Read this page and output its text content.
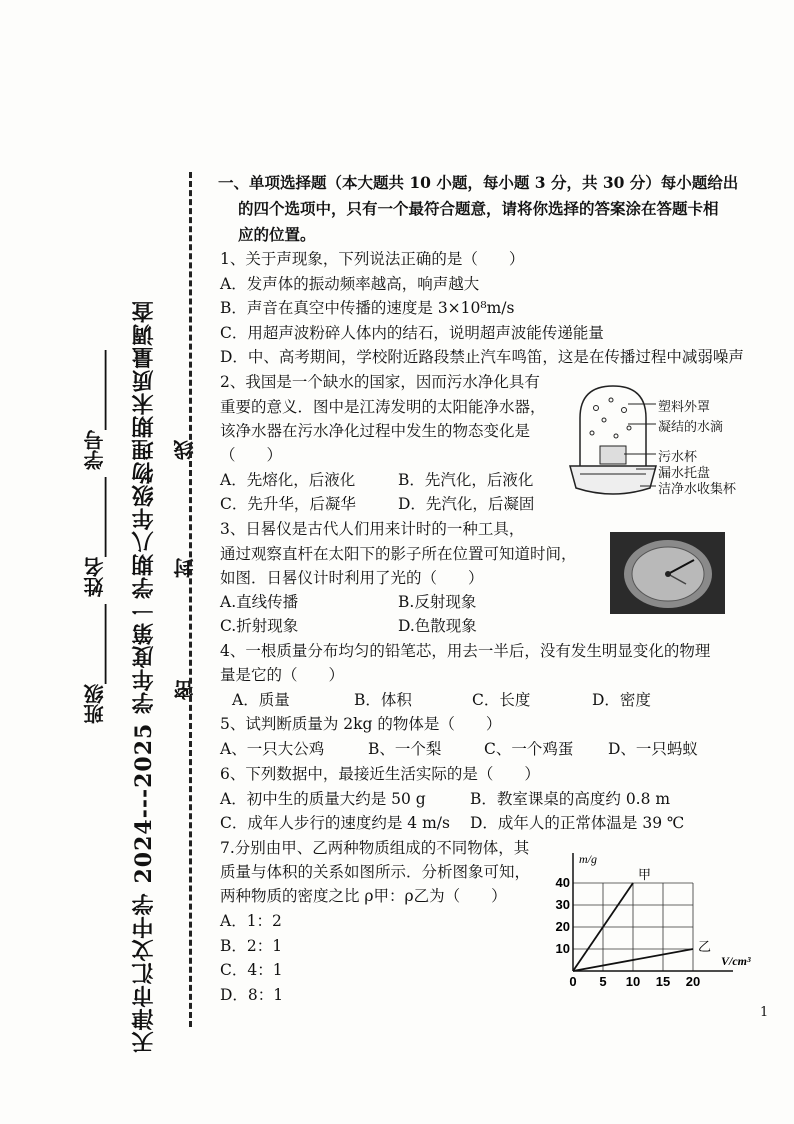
天津市汇文中学 2024---2025 学年度第一学期八年级物理期末质量调查
班级________ 姓名________ 学号________	密
封
线
一、单项选择题（本大题共 10 小题，每小题 3 分，共 30 分）每小题给出
的四个选项中，只有一个最符合题意，请将你选择的答案涂在答题卡相
应的位置。
1、关于声现象，下列说法正确的是（　　）
A．发声体的振动频率越高，响声越大
B．声音在真空中传播的速度是 3×10⁸m/s
C．用超声波粉碎人体内的结石，说明超声波能传递能量
D．中、高考期间，学校附近路段禁止汽车鸣笛，这是在传播过程中减弱噪声
2、我国是一个缺水的国家，因而污水净化具有
重要的意义．图中是江涛发明的太阳能净水器，
该净水器在污水净化过程中发生的物态变化是
（　　）
A．先熔化，后液化	B．先汽化，后液化
C．先升华，后凝华	D．先汽化，后凝固
塑料外罩
凝结的水滴
污水杯
漏水托盘
洁净水收集杯
3、日晷仪是古代人们用来计时的一种工具，
通过观察直杆在太阳下的影子所在位置可知道时间，
如图．日晷仪计时利用了光的（　　）
A.直线传播	B.反射现象
C.折射现象	D.色散现象
4、一根质量分布均匀的铅笔芯，用去一半后，没有发生明显变化的物理
量是它的（　　）
A．质量	B．体积	C．长度	D．密度
5、试判断质量为 2kg 的物体是（　　）
A、一只大公鸡	B、一个梨	C、一个鸡蛋 D、一只蚂蚁
6、下列数据中，最接近生活实际的是（　　）
A．初中生的质量大约是 50 g	B．教室课桌的高度约 0.8 m
C．成年人步行的速度约是 4 m/s D．成年人的正常体温是 39 ℃
7.分别由甲、乙两种物质组成的不同物体，其
质量与体积的关系如图所示．分析图象可知，
两种物质的密度之比 ρ甲：ρ乙为（　　）
A．1：2
B．2：1
C．4：1
D．8：1
0 5 10 15 20
10
20
30
40
V/cm³
m/g
甲
乙
1
